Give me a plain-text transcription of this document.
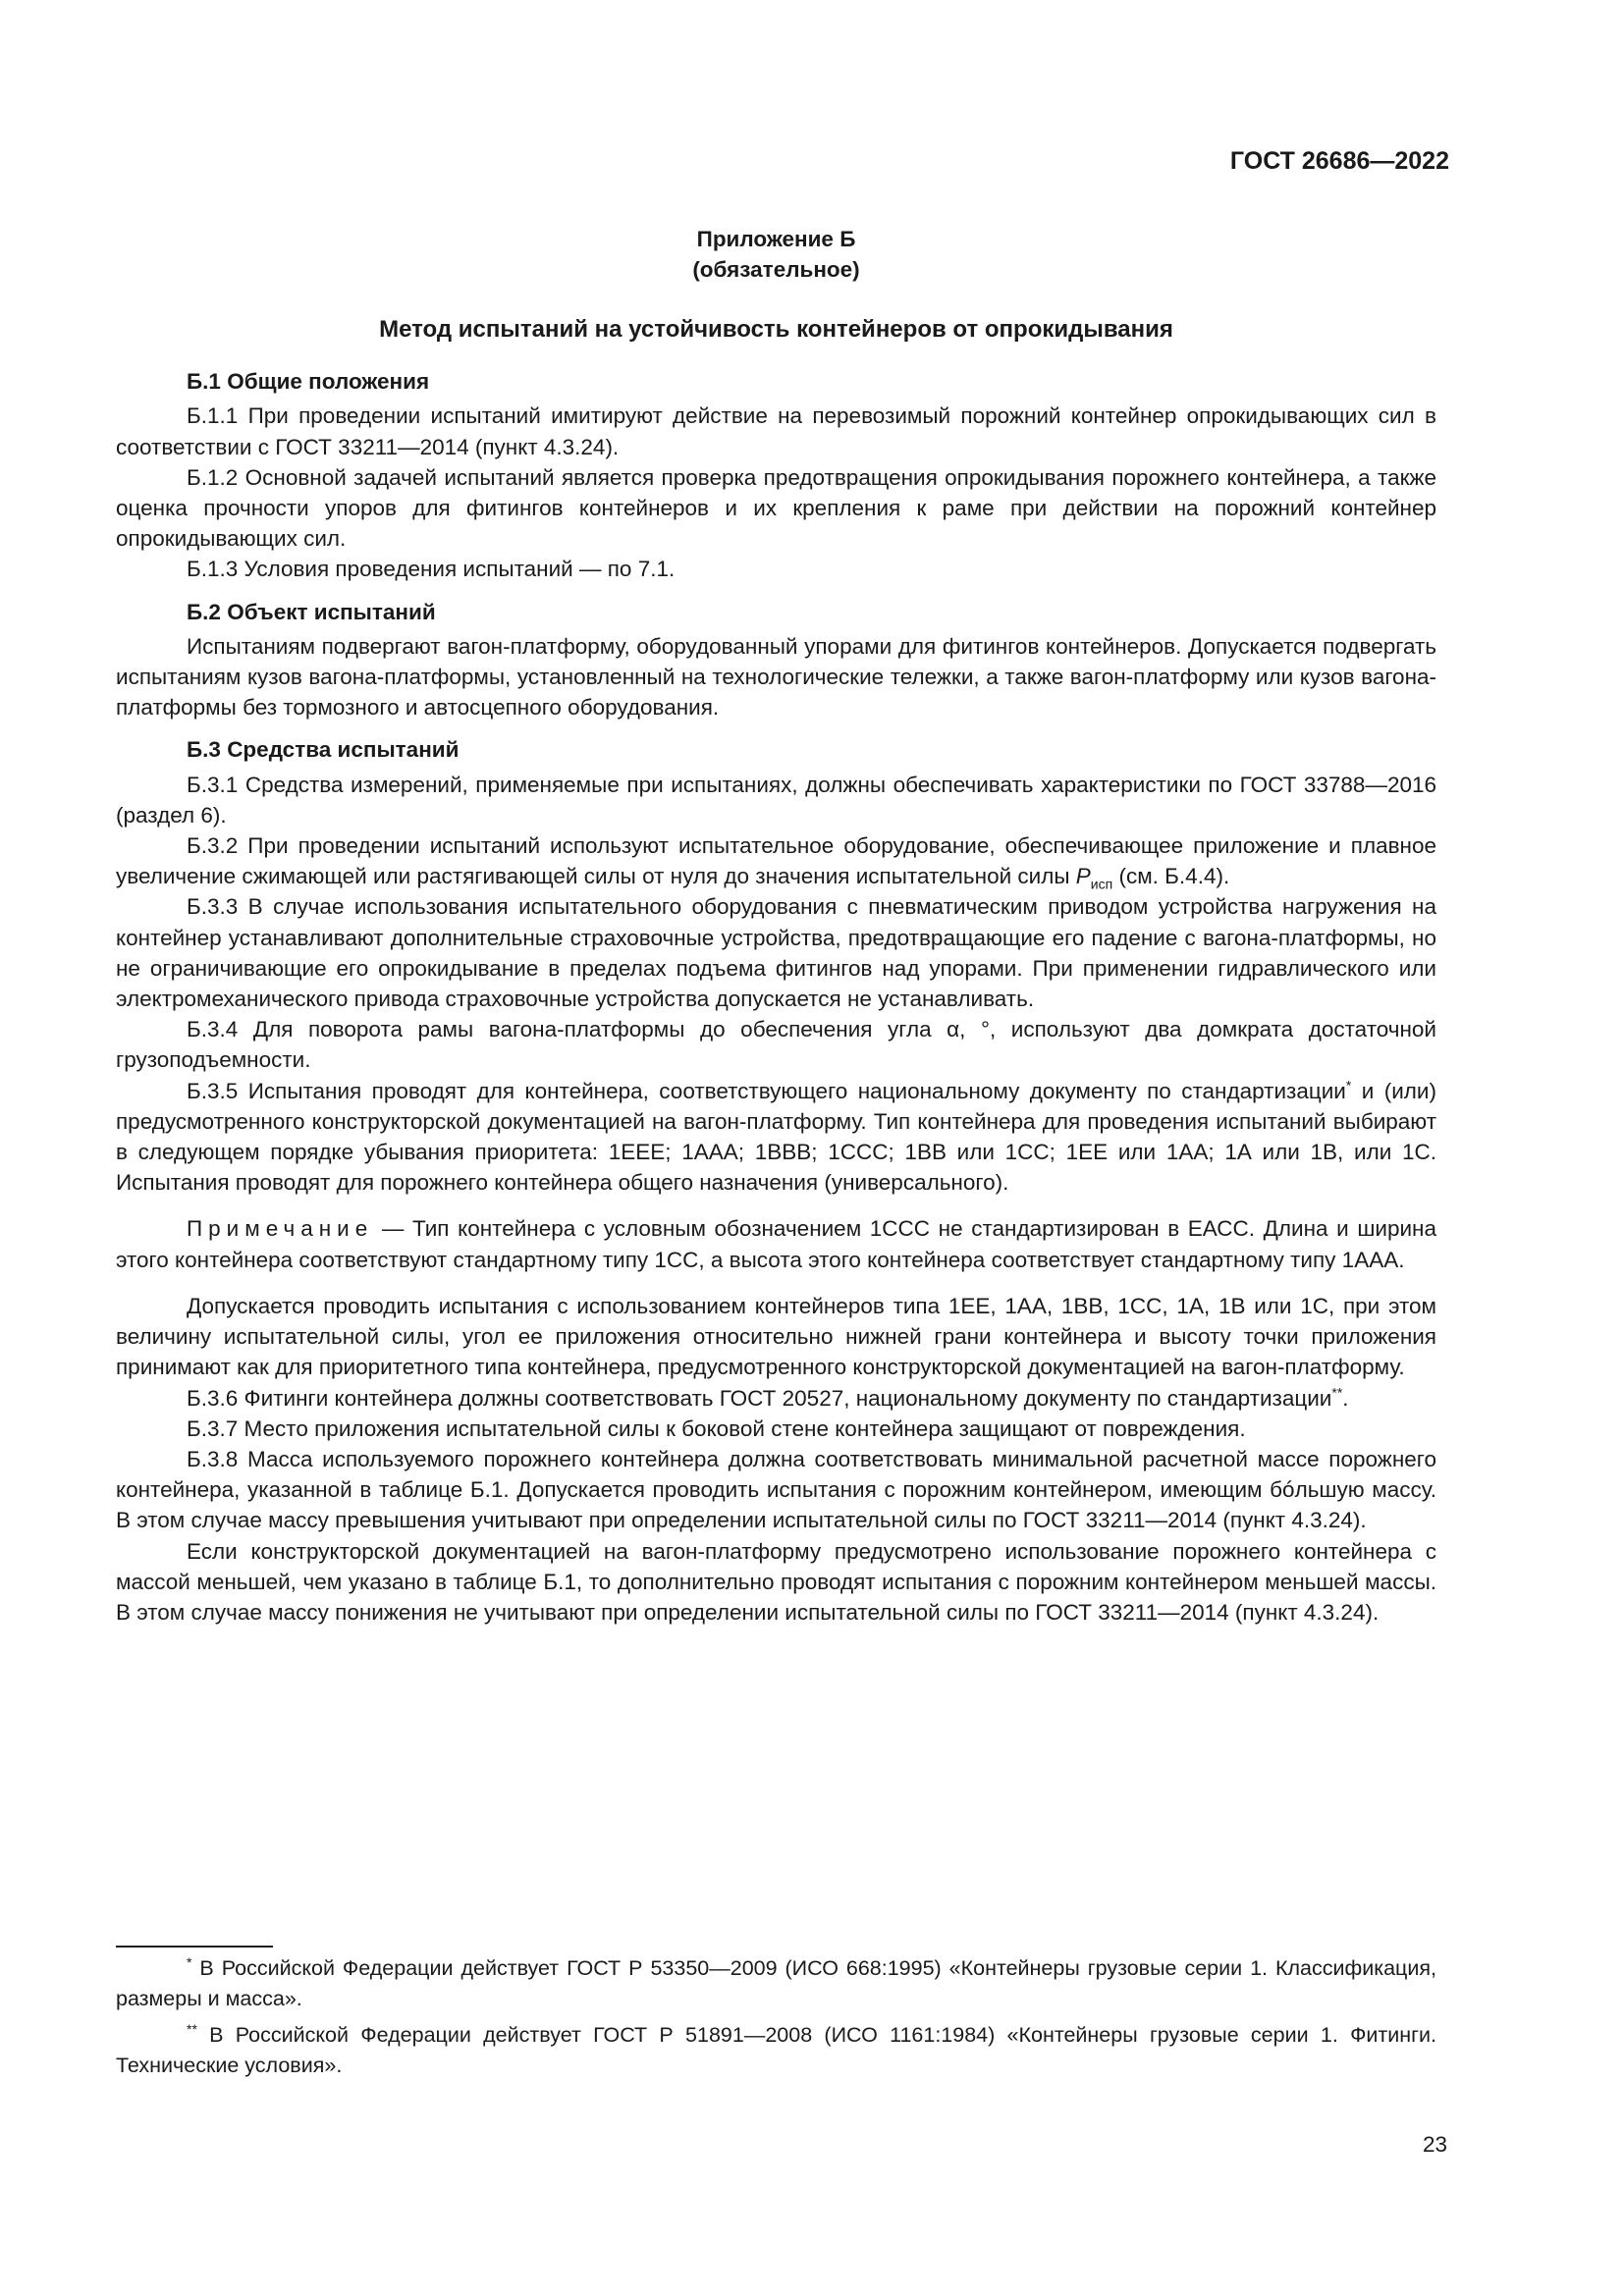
ГОСТ 26686—2022
Приложение Б
(обязательное)
Метод испытаний на устойчивость контейнеров от опрокидывания
Б.1 Общие положения

Б.1.1 При проведении испытаний имитируют действие на перевозимый порожний контейнер опрокидывающих сил в соответствии с ГОСТ 33211—2014 (пункт 4.3.24).

Б.1.2 Основной задачей испытаний является проверка предотвращения опрокидывания порожнего контейнера, а также оценка прочности упоров для фитингов контейнеров и их крепления к раме при действии на порожний контейнер опрокидывающих сил.

Б.1.3 Условия проведения испытаний — по 7.1.

Б.2 Объект испытаний

Испытаниям подвергают вагон-платформу, оборудованный упорами для фитингов контейнеров. Допускается подвергать испытаниям кузов вагона-платформы, установленный на технологические тележки, а также вагон-платформу или кузов вагона-платформы без тормозного и автосцепного оборудования.

Б.3 Средства испытаний

Б.3.1 Средства измерений, применяемые при испытаниях, должны обеспечивать характеристики по ГОСТ 33788—2016 (раздел 6).

Б.3.2 При проведении испытаний используют испытательное оборудование, обеспечивающее приложение и плавное увеличение сжимающей или растягивающей силы от нуля до значения испытательной силы $P_{исп}$ (см. Б.4.4).

Б.3.3 В случае использования испытательного оборудования с пневматическим приводом устройства нагружения на контейнер устанавливают дополнительные страховочные устройства, предотвращающие его падение с вагона-платформы, но не ограничивающие его опрокидывание в пределах подъема фитингов над упорами. При применении гидравлического или электромеханического привода страховочные устройства допускается не устанавливать.

Б.3.4 Для поворота рамы вагона-платформы до обеспечения угла α, °, используют два домкрата достаточной грузоподъемности.

Б.3.5 Испытания проводят для контейнера, соответствующего национальному документу по стандартизации* и (или) предусмотренного конструкторской документацией на вагон-платформу. Тип контейнера для проведения испытаний выбирают в следующем порядке убывания приоритета: 1ЕЕЕ; 1ААА; 1ВВВ; 1ССС; 1ВВ или 1СС; 1ЕЕ или 1АА; 1А или 1В, или 1С. Испытания проводят для порожнего контейнера общего назначения (универсального).

Примечание — Тип контейнера с условным обозначением 1ССС не стандартизирован в ЕАСС. Длина и ширина этого контейнера соответствуют стандартному типу 1СС, а высота этого контейнера соответствует стандартному типу 1ААА.

Допускается проводить испытания с использованием контейнеров типа 1ЕЕ, 1АА, 1ВВ, 1СС, 1А, 1В или 1С, при этом величину испытательной силы, угол ее приложения относительно нижней грани контейнера и высоту точки приложения принимают как для приоритетного типа контейнера, предусмотренного конструкторской документацией на вагон-платформу.

Б.3.6 Фитинги контейнера должны соответствовать ГОСТ 20527, национальному документу по стандартизации**.

Б.3.7 Место приложения испытательной силы к боковой стене контейнера защищают от повреждения.

Б.3.8 Масса используемого порожнего контейнера должна соответствовать минимальной расчетной массе порожнего контейнера, указанной в таблице Б.1. Допускается проводить испытания с порожним контейнером, имеющим бóльшую массу. В этом случае массу превышения учитывают при определении испытательной силы по ГОСТ 33211—2014 (пункт 4.3.24).

Если конструкторской документацией на вагон-платформу предусмотрено использование порожнего контейнера с массой меньшей, чем указано в таблице Б.1, то дополнительно проводят испытания с порожним контейнером меньшей массы. В этом случае массу понижения не учитывают при определении испытательной силы по ГОСТ 33211—2014 (пункт 4.3.24).

* В Российской Федерации действует ГОСТ Р 53350—2009 (ИСО 668:1995) «Контейнеры грузовые серии 1. Классификация, размеры и масса».

** В Российской Федерации действует ГОСТ Р 51891—2008 (ИСО 1161:1984) «Контейнеры грузовые серии 1. Фитинги. Технические условия».

23
